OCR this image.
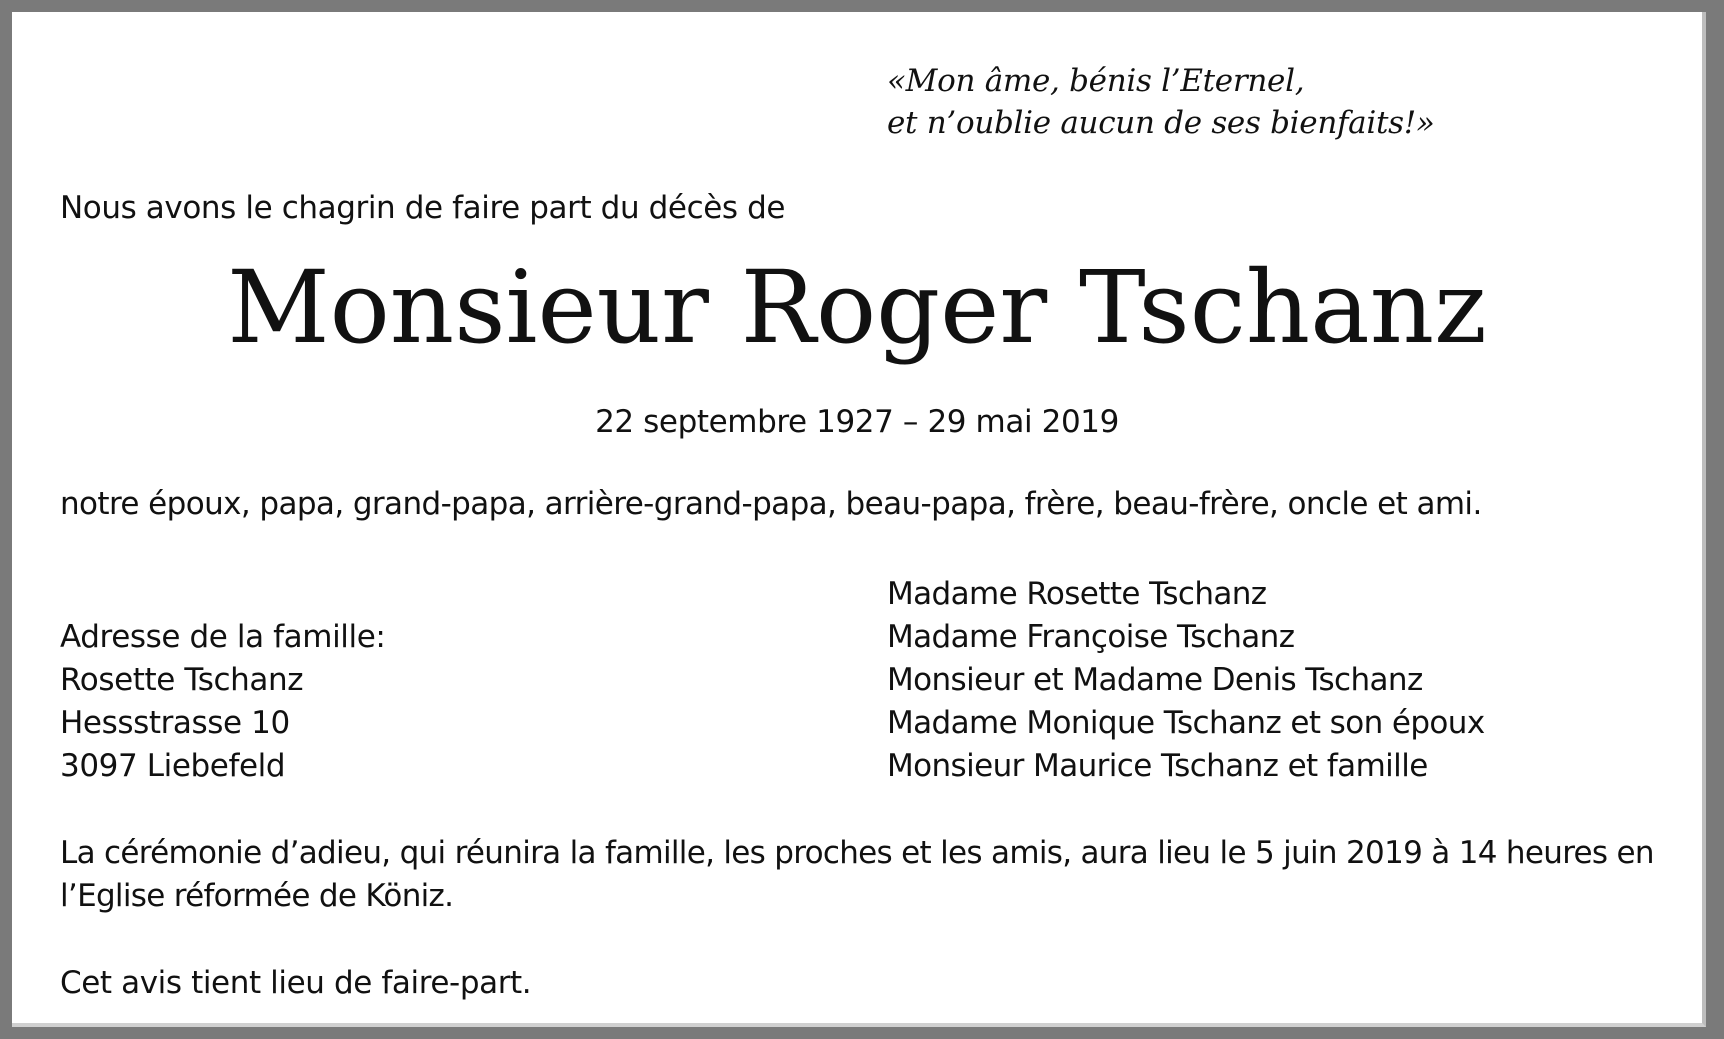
«Mon âme, bénis l’Eternel,
et n’oublie aucun de ses bienfaits!»

Nous avons le chagrin de faire part du décès de

Monsieur Roger Tschanz

22 septembre 1927 – 29 mai 2019

notre époux, papa, grand-papa, arrière-grand-papa, beau-papa, frère, beau-frère, oncle et ami.

Adresse de la famille:
Rosette Tschanz
Hessstrasse 10
3097 Liebefeld
Madame Rosette Tschanz
Madame Françoise Tschanz
Monsieur et Madame Denis Tschanz
Madame Monique Tschanz et son époux
Monsieur Maurice Tschanz et famille

La cérémonie d’adieu, qui réunira la famille, les proches et les amis, aura lieu le 5 juin 2019 à 14 heures en l’Eglise réformée de Köniz.

Cet avis tient lieu de faire-part.
